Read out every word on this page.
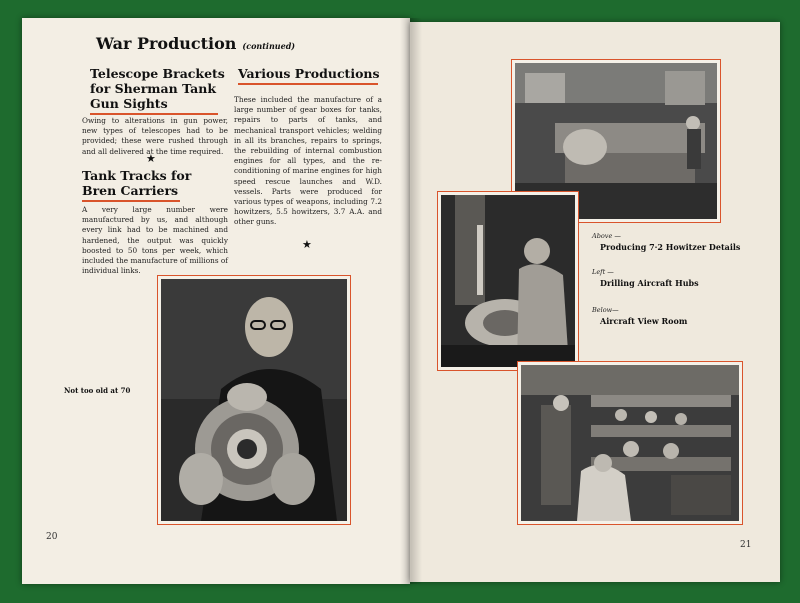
War Production (continued)
Telescope Brackets
for Sherman Tank
Gun Sights
Owing to alterations in gun power, new types of telescopes had to be provided; these were rushed through and all delivered at the time required.
★
Tank Tracks for
Bren Carriers
A very large number were manufactured by us, and although every link had to be machined and hardened, the output was quickly boosted to 50 tons per week, which included the manufacture of millions of individual links.
Various Productions
These included the manufacture of a large number of gear boxes for tanks, repairs to parts of tanks, and mechanical transport vehicles; welding in all its branches, repairs to springs, the rebuilding of internal combustion engines for all types, and the re-conditioning of marine engines for high speed rescue launches and W.D. vessels. Parts were produced for various types of weapons, including 7.2 howitzers, 5.5 howitzers, 3.7 A.A. and other guns.
★
Not too old at 70
20
Above —
Producing 7·2 Howitzer Details
Left —
Drilling Aircraft Hubs
Below—
Aircraft View Room
21
